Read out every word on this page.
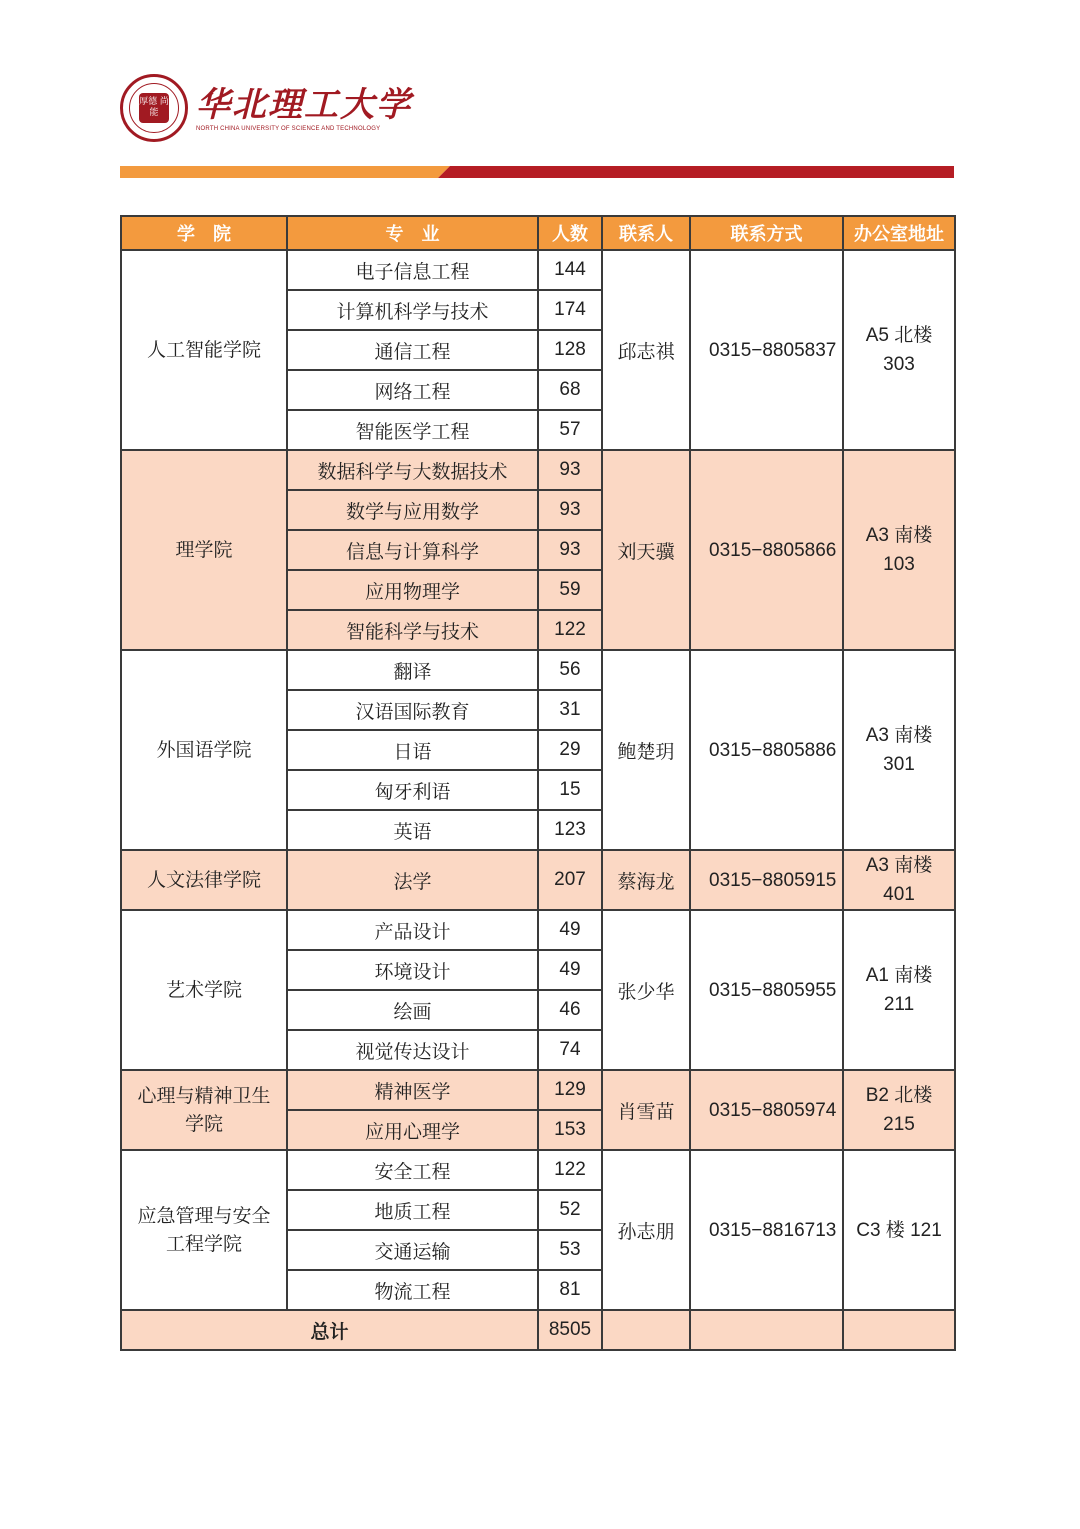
厚德 尚能	华北理工大学
NORTH CHINA UNIVERSITY OF SCIENCE AND TECHNOLOGY
学　院	专　业	人数	联系人	联系方式	办公室地址
人工智能学院	电子信息工程	144	邱志祺	0315−8805837	A5 北楼 303
	计算机科学与技术	174			
	通信工程	128			
	网络工程	68			
	智能医学工程	57			
理学院	数据科学与大数据技术	93	刘天骥	0315−8805866	A3 南楼 103
	数学与应用数学	93			
	信息与计算科学	93			
	应用物理学	59			
	智能科学与技术	122			
外国语学院	翻译	56	鲍楚玥	0315−8805886	A3 南楼 301
	汉语国际教育	31			
	日语	29			
	匈牙利语	15			
	英语	123			
人文法律学院	法学	207	蔡海龙	0315−8805915	A3 南楼 401
艺术学院	产品设计	49	张少华	0315−8805955	A1 南楼 211
	环境设计	49			
	绘画	46			
	视觉传达设计	74			
心理与精神卫生学院	精神医学	129	肖雪苗	0315−8805974	B2 北楼 215
	应用心理学	153			
应急管理与安全工程学院	安全工程	122	孙志朋	0315−8816713	C3 楼 121
	地质工程	52			
	交通运输	53			
	物流工程	81			
总计		8505			
